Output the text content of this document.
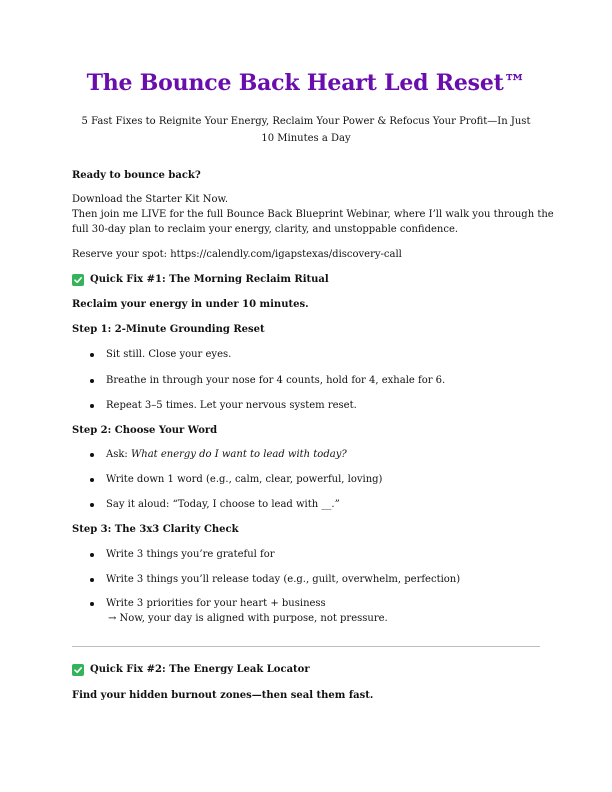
The Bounce Back Heart Led Reset™

5 Fast Fixes to Reignite Your Energy, Reclaim Your Power & Refocus Your Profit—In Just 10 Minutes a Day

Ready to bounce back?
Download the Starter Kit Now.
Then join me LIVE for the full Bounce Back Blueprint Webinar, where I’ll walk you through the
full 30-day plan to reclaim your energy, clarity, and unstoppable confidence.
Reserve your spot: https://calendly.com/igapstexas/discovery-call
Quick Fix #1: The Morning Reclaim Ritual
Reclaim your energy in under 10 minutes.
Step 1: 2-Minute Grounding Reset
Sit still. Close your eyes.
Breathe in through your nose for 4 counts, hold for 4, exhale for 6.
Repeat 3–5 times. Let your nervous system reset.
Step 2: Choose Your Word
Ask: What energy do I want to lead with today?
Write down 1 word (e.g., calm, clear, powerful, loving)
Say it aloud: “Today, I choose to lead with __.”
Step 3: The 3x3 Clarity Check
Write 3 things you’re grateful for
Write 3 things you’ll release today (e.g., guilt, overwhelm, perfection)
Write 3 priorities for your heart + business
→ Now, your day is aligned with purpose, not pressure.
Quick Fix #2: The Energy Leak Locator
Find your hidden burnout zones—then seal them fast.
